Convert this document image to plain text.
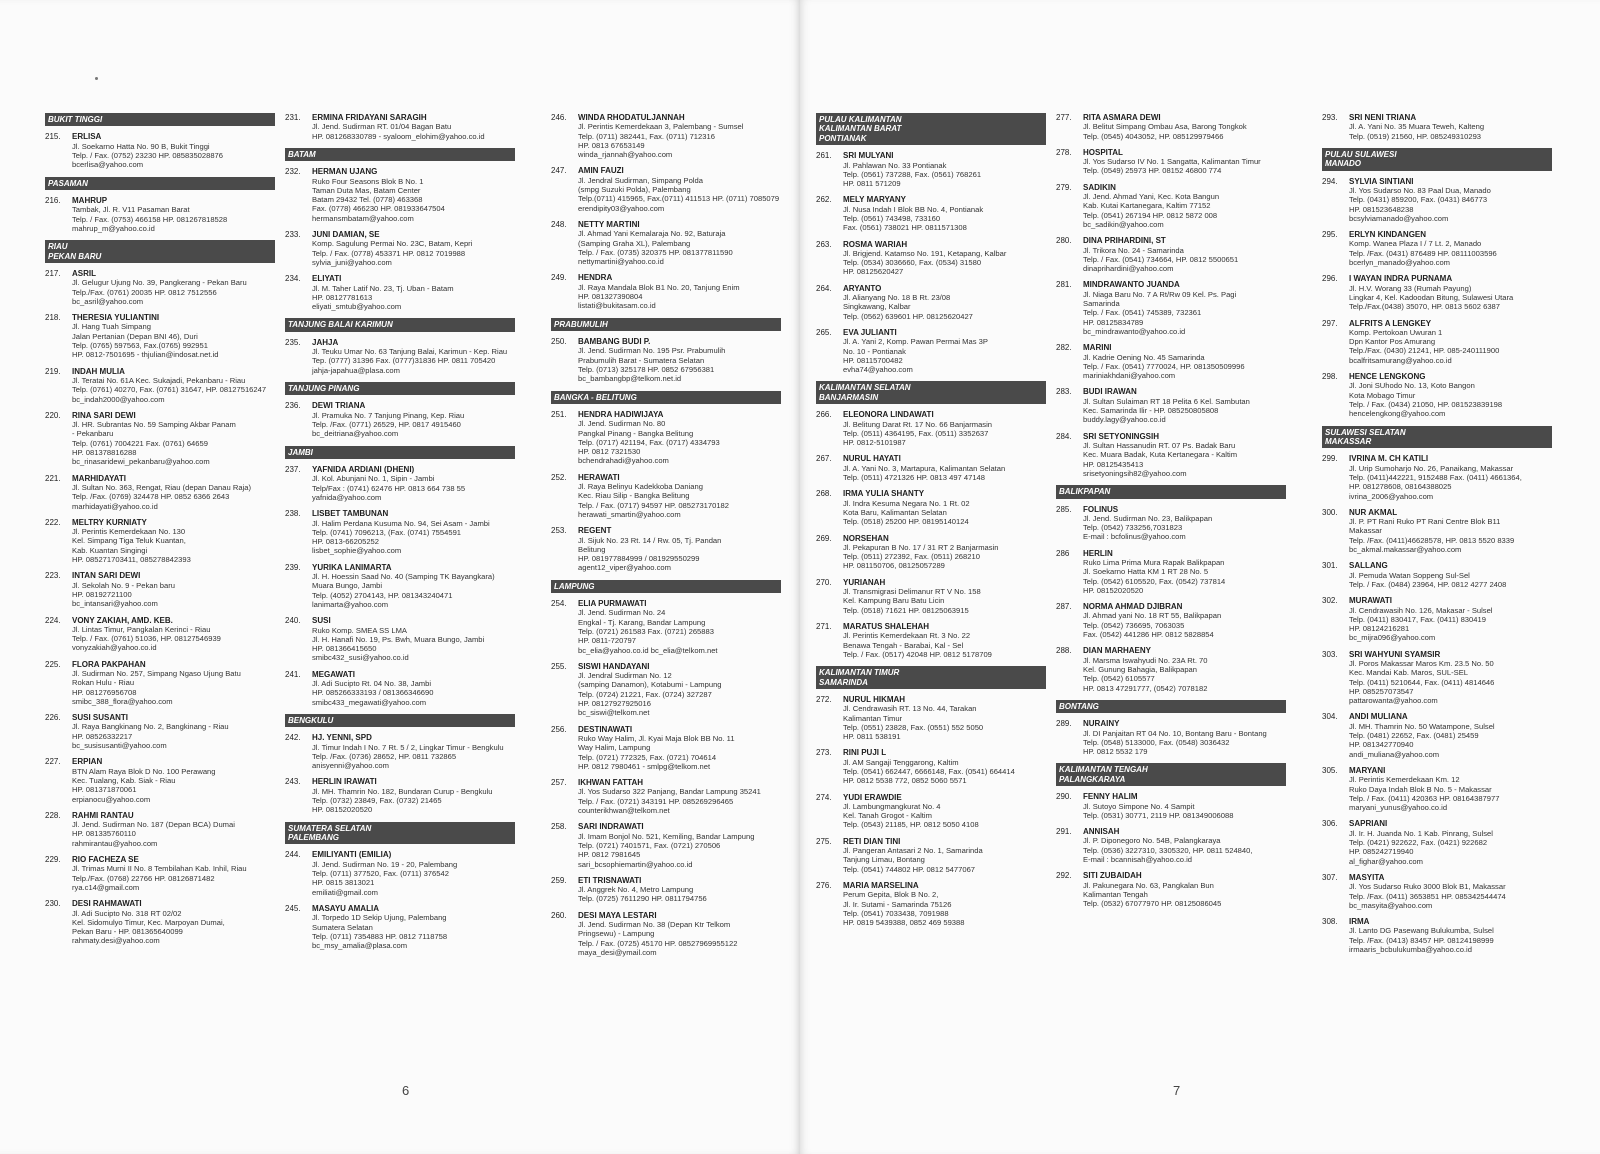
BUKIT TINGGI
215.	ERLISA
Jl. Soekarno Hatta No. 90 B, Bukit Tinggi
Telp. / Fax. (0752) 23230 HP. 085835028876
bcerlisa@yahoo.com
PASAMAN
216.	MAHRUP
Tambak, Jl. R. V11 Pasaman Barat
Telp. / Fax. (0753) 466158 HP. 081267818528
mahrup_m@yahoo.co.id
RIAU
PEKAN BARU
217.	ASRIL
Jl. Gelugur Ujung No. 39, Pangkerang - Pekan Baru
Telp./Fax. (0761) 20035 HP. 0812 7512556
bc_asril@yahoo.com
218.	THERESIA YULIANTINI
Jl. Hang Tuah Simpang
Jalan Pertanian (Depan BNI 46), Duri
Telp. (0765) 597563, Fax.(0765) 992951
HP. 0812-7501695 - thjulian@indosat.net.id
219.	INDAH MULIA
Jl. Teratai No. 61A Kec. Sukajadi, Pekanbaru - Riau
Telp. (0761) 40270, Fax. (0761) 31647, HP. 08127516247
bc_indah2000@yahoo.com
220.	RINA SARI DEWI
Jl. HR. Subrantas No. 59 Samping Akbar Panam
- Pekanbaru
Telp. (0761) 7004221 Fax. (0761) 64659
HP. 081378816288
bc_rinasaridewi_pekanbaru@yahoo.com
221.	MARHIDAYATI
Jl. Sultan No. 363, Rengat, Riau (depan Danau Raja)
Telp. /Fax. (0769) 324478 HP. 0852 6366 2643
marhidayati@yahoo.co.id
222.	MELTRY KURNIATY
Jl. Perintis Kemerdekaan No. 130
Kel. Simpang Tiga Teluk Kuantan,
Kab. Kuantan Singingi
HP. 085271703411, 085278842393
223.	INTAN SARI DEWI
Jl. Sekolah No. 9 - Pekan baru
HP. 08192721100
bc_intansari@yahoo.com
224.	VONY ZAKIAH, AMD. KEB.
Jl. Lintas Timur, Pangkalan Kerinci - Riau
Telp. / Fax. (0761) 51036, HP. 08127546939
vonyzakiah@yahoo.co.id
225.	FLORA PAKPAHAN
Jl. Sudirman No. 257, Simpang Ngaso Ujung Batu
Rokan Hulu - Riau
HP. 081276956708
smibc_388_flora@yahoo.com
226.	SUSI SUSANTI
Jl. Raya Bangkinang No. 2, Bangkinang - Riau
HP. 08526332217
bc_susisusanti@yahoo.com
227.	ERPIAN
BTN Alam Raya Blok D No. 100 Perawang
Kec. Tualang, Kab. Siak - Riau
HP. 081371870061
erpianocu@yahoo.com
228.	RAHMI RANTAU
Jl. Jend. Sudirman No. 187 (Depan BCA) Dumai
HP. 081335760110
rahmirantau@yahoo.com
229.	RIO FACHEZA SE
Jl. Trimas Murni II No. 8 Tembilahan Kab. Inhil, Riau
Telp./Fax. (0768) 22766 HP. 08126871482
rya.c14@gmail.com
230.	DESI RAHMAWATI
Jl. Adi Sucipto No. 318 RT 02/02
Kel. Sidomulyo Timur, Kec. Marpoyan Dumai,
Pekan Baru - HP. 081365640099
rahmaty.desi@yahoo.com
231.	ERMINA FRIDAYANI SARAGIH
Jl. Jend. Sudirman RT. 01/04 Bagan Batu
HP. 081268330789 - syaloom_elohim@yahoo.co.id
BATAM
232.	HERMAN UJANG
Ruko Four Seasons Blok B No. 1
Taman Duta Mas, Batam Center
Batam 29432 Tel. (0778) 463368
Fax. (0778) 466230 HP. 081933647504
hermansmbatam@yahoo.com
233.	JUNI DAMIAN, SE
Komp. Sagulung Permai No. 23C, Batam, Kepri
Telp. / Fax. (0778) 453371 HP. 0812 7019988
sylvia_juni@yahoo.com
234.	ELIYATI
Jl. M. Taher Latif No. 23, Tj. Uban - Batam
HP. 08127781613
eliyati_smtub@yahoo.com
TANJUNG BALAI KARIMUN
235.	JAHJA
Jl. Teuku Umar No. 63 Tanjung Balai, Karimun - Kep. Riau
Tep. (0777) 31396 Fax. (0777)31836 HP. 0811 705420
jahja-japahua@plasa.com
TANJUNG PINANG
236.	DEWI TRIANA
Jl. Pramuka No. 7 Tanjung Pinang, Kep. Riau
Telp. /Fax. (0771) 26529, HP. 0817 4915460
bc_deitriana@yahoo.com
JAMBI
237.	YAFNIDA ARDIANI (DHENI)
Jl. Kol. Abunjani No. 1, Sipin - Jambi
Telp/Fax : (0741) 62476 HP. 0813 664 738 55
yafnida@yahoo.com
238.	LISBET TAMBUNAN
Jl. Halim Perdana Kusuma No. 94, Sei Asam - Jambi
Telp. (0741) 7096213, (Fax. (0741) 7554591
HP. 0813-66205252
lisbet_sophie@yahoo.com
239.	YURIKA LANIMARTA
Jl. H. Hoessin Saad No. 40 (Samping TK Bayangkara)
Muara Bungo, Jambi
Telp. (4052) 2704143, HP. 081343240471
lanimarta@yahoo.com
240.	SUSI
Ruko Komp. SMEA SS LMA
Jl. H. Hanafi No. 19, Ps. Bwh, Muara Bungo, Jambi
HP. 081366415650
smibc432_susi@yahoo.co.id
241.	MEGAWATI
Jl. Adi Sucipto Rt. 04 No. 38, Jambi
HP. 085266333193 / 081366346690
smibc433_megawati@yahoo.com
BENGKULU
242.	HJ. YENNI, SPD
Jl. Timur Indah I No. 7 Rt. 5 / 2, Lingkar Timur - Bengkulu
Telp. /Fax. (0736) 28652, HP. 0811 732865
anisyenni@yahoo.com
243.	HERLIN IRAWATI
Jl. MH. Thamrin No. 182, Bundaran Curup - Bengkulu
Telp. (0732) 23849, Fax. (0732) 21465
HP. 08152020520
SUMATERA SELATAN
PALEMBANG
244.	EMILIYANTI (EMILIA)
Jl. Jend. Sudirman No. 19 - 20, Palembang
Telp. (0711) 377520, Fax. (0711) 376542
HP. 0815 3813021
emiliati@gmail.com
245.	MASAYU AMALIA
Jl. Torpedo 1D Sekip Ujung, Palembang
Sumatera Selatan
Telp. (0711) 7354883 HP. 0812 7118758
bc_msy_amalia@plasa.com
246.	WINDA RHODATULJANNAH
Jl. Perintis Kemerdekaan 3, Palembang - Sumsel
Telp. (0711) 382441, Fax. (0711) 712316
HP. 0813 67653149
winda_rjannah@yahoo.com
247.	AMIN FAUZI
Jl. Jendral Sudirman, Simpang Polda
(smpg Suzuki Polda), Palembang
Telp.(0711) 415965, Fax.(0711) 411513 HP. (0711) 7085079
erendipity03@yahoo.com
248.	NETTY MARTINI
Jl. Ahmad Yani Kemalaraja No. 92, Baturaja
(Samping Graha XL), Palembang
Telp. / Fax. (0735) 320375 HP. 081377811590
nettymartini@yahoo.co.id
249.	HENDRA
Jl. Raya Mandala Blok B1 No. 20, Tanjung Enim
HP. 081327390804
listati@bukitasam.co.id
PRABUMULIH
250.	BAMBANG BUDI P.
Jl. Jend. Sudirman No. 195 Psr. Prabumulih
Prabumulih Barat - Sumatera Selatan
Telp. (0713) 325178 HP. 0852 67956381
bc_bambangbp@telkom.net.id
BANGKA - BELITUNG
251.	HENDRA HADIWIJAYA
Jl. Jend. Sudirman No. 80
Pangkal Pinang - Bangka Belitung
Telp. (0717) 421194, Fax. (0717) 4334793
HP. 0812 7321530
bchendrahadi@yahoo.com
252.	HERAWATI
Jl. Raya Belinyu Kadekkoba Daniang
Kec. Riau Silip - Bangka Belitung
Telp. / Fax. (0717) 94597 HP. 085273170182
herawati_smartin@yahoo.com
253.	REGENT
Jl. Sijuk No. 23 Rt. 14 / Rw. 05, Tj. Pandan
Belitung
HP. 081977884999 / 081929550299
agent12_viper@yahoo.com
LAMPUNG
254.	ELIA PURMAWATI
Jl. Jend. Sudirman No. 24
Engkal - Tj. Karang, Bandar Lampung
Telp. (0721) 261583 Fax. (0721) 265883
HP. 0811-720797
bc_elia@yahoo.co.id bc_elia@telkom.net
255.	SISWI HANDAYANI
Jl. Jendral Sudirman No. 12
(samping Danamon), Kotabumi - Lampung
Telp. (0724) 21221, Fax. (0724) 327287
HP. 08127927925016
bc_siswi@telkom.net
256.	DESTINAWATI
Ruko Way Halim, Jl. Kyai Maja Blok BB No. 11
Way Halim, Lampung
Telp. (0721) 772325, Fax. (0721) 704614
HP. 0812 7980461 - smlpg@telkom.net
257.	IKHWAN FATTAH
Jl. Yos Sudarso 322 Panjang, Bandar Lampung 35241
Telp. / Fax. (0721) 343191 HP. 085269296465
counterikhwan@telkom.net
258.	SARI INDRAWATI
Jl. Imam Bonjol No. 521, Kemiling, Bandar Lampung
Telp. (0721) 7401571, Fax. (0721) 270506
HP. 0812 7981645
sari_bcsophiemartin@yahoo.co.id
259.	ETI TRISNAWATI
Jl. Anggrek No. 4, Metro Lampung
Telp. (0725) 7611290 HP. 0811794756
260.	DESI MAYA LESTARI
Jl. Jend. Sudirman No. 38 (Depan Ktr Telkom
Pringsewu) - Lampung
Telp. / Fax. (0725) 45170 HP. 08527969955122
maya_desi@ymail.com
PULAU KALIMANTAN
KALIMANTAN BARAT
PONTIANAK
261.	SRI MULYANI
Jl. Pahlawan No. 33 Pontianak
Telp. (0561) 737288, Fax. (0561) 768261
HP. 0811 571209
262.	MELY MARYANY
Jl. Nusa Indah I Blok BB No. 4, Pontianak
Telp. (0561) 743498, 733160
Fax. (0561) 738021 HP. 0811571308
263.	ROSMA WARIAH
Jl. Brigjend. Katamso No. 191, Ketapang, Kalbar
Telp. (0534) 3036660, Fax. (0534) 31580
HP. 08125620427
264.	ARYANTO
Jl. Alianyang No. 18 B Rt. 23/08
Singkawang, Kalbar
Telp. (0562) 639601 HP. 08125620427
265.	EVA JULIANTI
Jl. A. Yani 2, Komp. Pawan Permai Mas 3P
No. 10 - Pontianak
HP. 08115700482
evha74@yahoo.com
KALIMANTAN SELATAN
BANJARMASIN
266.	ELEONORA LINDAWATI
Jl. Belitung Darat Rt. 17 No. 66 Banjarmasin
Telp. (0511) 4364195, Fax. (0511) 3352637
HP. 0812-5101987
267.	NURUL HAYATI
Jl. A. Yani No. 3, Martapura, Kalimantan Selatan
Telp. (0511) 4721326 HP. 0813 497 47148
268.	IRMA YULIA SHANTY
Jl. Indra Kesuma Negara No. 1 Rt. 02
Kota Baru, Kalimantan Selatan
Telp. (0518) 25200 HP. 08195140124
269.	NORSEHAN
Jl. Pekapuran B No. 17 / 31 RT 2 Banjarmasin
Telp. (0511) 272392, Fax. (0511) 268210
HP. 081150706, 08125057289
270.	YURIANAH
Jl. Transmigrasi Delimanur RT V No. 158
Kel. Kampung Baru Batu Licin
Telp. (0518) 71621 HP. 08125063915
271.	MARATUS SHALEHAH
Jl. Perintis Kemerdekaan Rt. 3 No. 22
Benawa Tengah - Barabai, Kal - Sel
Telp. / Fax. (0517) 42048 HP. 0812 5178709
KALIMANTAN TIMUR
SAMARINDA
272.	NURUL HIKMAH
Jl. Cendrawasih RT. 13 No. 44, Tarakan
Kalimantan Timur
Telp. (0551) 23828, Fax. (0551) 552 5050
HP. 0811 538191
273.	RINI PUJI L
Jl. AM Sangaji Tenggarong, Kaltim
Telp. (0541) 662447, 6666148, Fax. (0541) 664414
HP. 0812 5538 772, 0852 5060 5571
274.	YUDI ERAWDIE
Jl. Lambungmangkurat No. 4
Kel. Tanah Grogot - Kaltim
Telp. (0543) 21185, HP. 0812 5050 4108
275.	RETI DIAN TINI
Jl. Pangeran Antasari 2 No. 1, Samarinda
Tanjung Limau, Bontang
Telp. (0541) 744802 HP. 0812 5477067
276.	MARIA MARSELINA
Perum Gepita, Blok B No. 2,
Jl. Ir. Sutami - Samarinda 75126
Telp. (0541) 7033438, 7091988
HP. 0819 5439388, 0852 469 59388
277.	RITA ASMARA DEWI
Jl. Belitut Simpang Ombau Asa, Barong Tongkok
Telp. (0545) 4043052, HP. 085129979466
278.	HOSPITAL
Jl. Yos Sudarso IV No. 1 Sangatta, Kalimantan Timur
Telp. (0549) 25973 HP. 08152 46800 774
279.	SADIKIN
Jl. Jend. Ahmad Yani, Kec. Kota Bangun
Kab. Kutai Kartanegara, Kaltim 77152
Telp. (0541) 267194 HP. 0812 5872 008
bc_sadikin@yahoo.com
280.	DINA PRIHARDINI, ST
Jl. Trikora No. 24 - Samarinda
Telp. / Fax. (0541) 734664, HP. 0812 5500651
dinaprihardini@yahoo.com
281.	MINDRAWANTO JUANDA
Jl. Niaga Baru No. 7 A Rt/Rw 09 Kel. Ps. Pagi
Samarinda
Telp. / Fax. (0541) 745389, 732361
HP. 08125834789
bc_mindrawanto@yahoo.co.id
282.	MARINI
Jl. Kadrie Oening No. 45 Samarinda
Telp. / Fax. (0541) 7770024, HP. 081350509996
mariniakhdani@yahoo.com
283.	BUDI IRAWAN
Jl. Sultan Sulaiman RT 18 Pelita 6 Kel. Sambutan
Kec. Samarinda Ilir - HP. 085250805808
buddy.lagy@yahoo.co.id
284.	SRI SETYONINGSIH
Jl. Sultan Hassanudin RT. 07 Ps. Badak Baru
Kec. Muara Badak, Kuta Kertanegara - Kaltim
HP. 08125435413
srisetyoningsih82@yahoo.com
BALIKPAPAN
285.	FOLINUS
Jl. Jend. Sudirman No. 23, Balikpapan
Telp. (0542) 733256,7031823
E-mail : bcfolinus@yahoo.com
286	HERLIN
Ruko Lima Prima Mura Rapak Balikpapan
Jl. Soekarno Hatta KM 1 RT 28 No. 5
Telp. (0542) 6105520, Fax. (0542) 737814
HP. 08152020520
287.	NORMA AHMAD DJIBRAN
Jl. Ahmad yani No. 18 RT 55, Balikpapan
Telp. (0542) 736695, 7063035
Fax. (0542) 441286 HP. 0812 5828854
288.	DIAN MARHAENY
Jl. Marsma Iswahyudi No. 23A Rt. 70
Kel. Gunung Bahagia, Balikpapan
Telp. (0542) 6105577
HP. 0813 47291777, (0542) 7078182
BONTANG
289.	NURAINY
Jl. DI Panjaitan RT 04 No. 10, Bontang Baru - Bontang
Telp. (0548) 5133000, Fax. (0548) 3036432
HP. 0812 5532 179
KALIMANTAN TENGAH
PALANGKARAYA
290.	FENNY HALIM
Jl. Sutoyo Simpone No. 4 Sampit
Telp. (0531) 30771, 2119 HP. 081349006088
291.	ANNISAH
Jl. P. Diponegoro No. 54B, Palangkaraya
Telp. (0536) 3227310, 3305320, HP. 0811 524840,
E-mail : bcannisah@yahoo.co.id
292.	SITI ZUBAIDAH
Jl. Pakunegara No. 63, Pangkalan Bun
Kalimantan Tengah
Telp. (0532) 67077970 HP. 08125086045
293.	SRI NENI TRIANA
Jl. A. Yani No. 35 Muara Teweh, Kalteng
Telp. (0519) 21560, HP. 085249310293
PULAU SULAWESI
MANADO
294.	SYLVIA SINTIANI
Jl. Yos Sudarso No. 83 Paal Dua, Manado
Telp. (0431) 859200, Fax. (0431) 846773
HP. 081523648238
bcsylviamanado@yahoo.com
295.	ERLYN KINDANGEN
Komp. Wanea Plaza I / 7 Lt. 2, Manado
Telp. /Fax. (0431) 876489 HP. 08111003596
bcerlyn_manado@yahoo.com
296.	I WAYAN INDRA PURNAMA
Jl. H.V. Worang 33 (Rumah Payung)
Lingkar 4, Kel. Kadoodan Bitung, Sulawesi Utara
Telp./Fax.(0438) 35070, HP. 0813 5602 6387
297.	ALFRITS A LENGKEY
Komp. Pertokoan Uwuran 1
Dpn Kantor Pos Amurang
Telp./Fax. (0430) 21241, HP. 085-240111900
bcalfritsamurang@yahoo.co.id
298.	HENCE LENGKONG
Jl. Joni SUhodo No. 13, Koto Bangon
Kota Mobago Timur
Telp. / Fax. (0434) 21050, HP. 081523839198
hencelengkong@yahoo.com
SULAWESI SELATAN
MAKASSAR
299.	IVRINA M. CH KATILI
Jl. Urip Sumoharjo No. 26, Panaikang, Makassar
Telp. (0411)442221, 9152488 Fax. (0411) 4661364,
HP. 081278608, 08164388025
ivrina_2006@yahoo.com
300.	NUR AKMAL
Jl. P. PT Rani Ruko PT Rani Centre Blok B11
Makassar
Telp. /Fax. (0411)46628578, HP. 0813 5520 8339
bc_akmal.makassar@yahoo.com
301.	SALLANG
Jl. Pemuda Watan Soppeng Sul-Sel
Telp. / Fax. (0484) 23964, HP. 0812 4277 2408
302.	MURAWATI
Jl. Cendrawasih No. 126, Makasar - Sulsel
Telp. (0411) 830417, Fax. (0411) 830419
HP. 08124216281
bc_mijra096@yahoo.com
303.	SRI WAHYUNI SYAMSIR
Jl. Poros Makassar Maros Km. 23.5 No. 50
Kec. Mandai Kab. Maros, SUL-SEL
Telp. (0411) 5210644, Fax. (0411) 4814646
HP. 085257073547
pattarowanta@yahoo.com
304.	ANDI MULIANA
Jl. MH. Thamrin No. 50 Watampone, Sulsel
Telp. (0481) 22652, Fax. (0481) 25459
HP. 081342770940
andi_muliana@yahoo.com
305.	MARYANI
Jl. Perintis Kemerdekaan Km. 12
Ruko Daya Indah Blok B No. 5 - Makassar
Telp. / Fax. (0411) 420363 HP. 08164387977
maryani_yunus@yahoo.co.id
306.	SAPRIANI
Jl. Ir. H. Juanda No. 1 Kab. Pinrang, Sulsel
Telp. (0421) 922622, Fax. (0421) 922682
HP. 085242719940
al_fighar@yahoo.com
307.	MASYITA
Jl. Yos Sudarso Ruko 3000 Blok B1, Makassar
Telp. /Fax. (0411) 3653851 HP. 085342544474
bc_masyita@yahoo.com
308.	IRMA
Jl. Lanto DG Pasewang Bulukumba, Sulsel
Telp. /Fax. (0413) 83457 HP. 08124198999
irmaaris_bcbulukumba@yahoo.co.id
6	7
